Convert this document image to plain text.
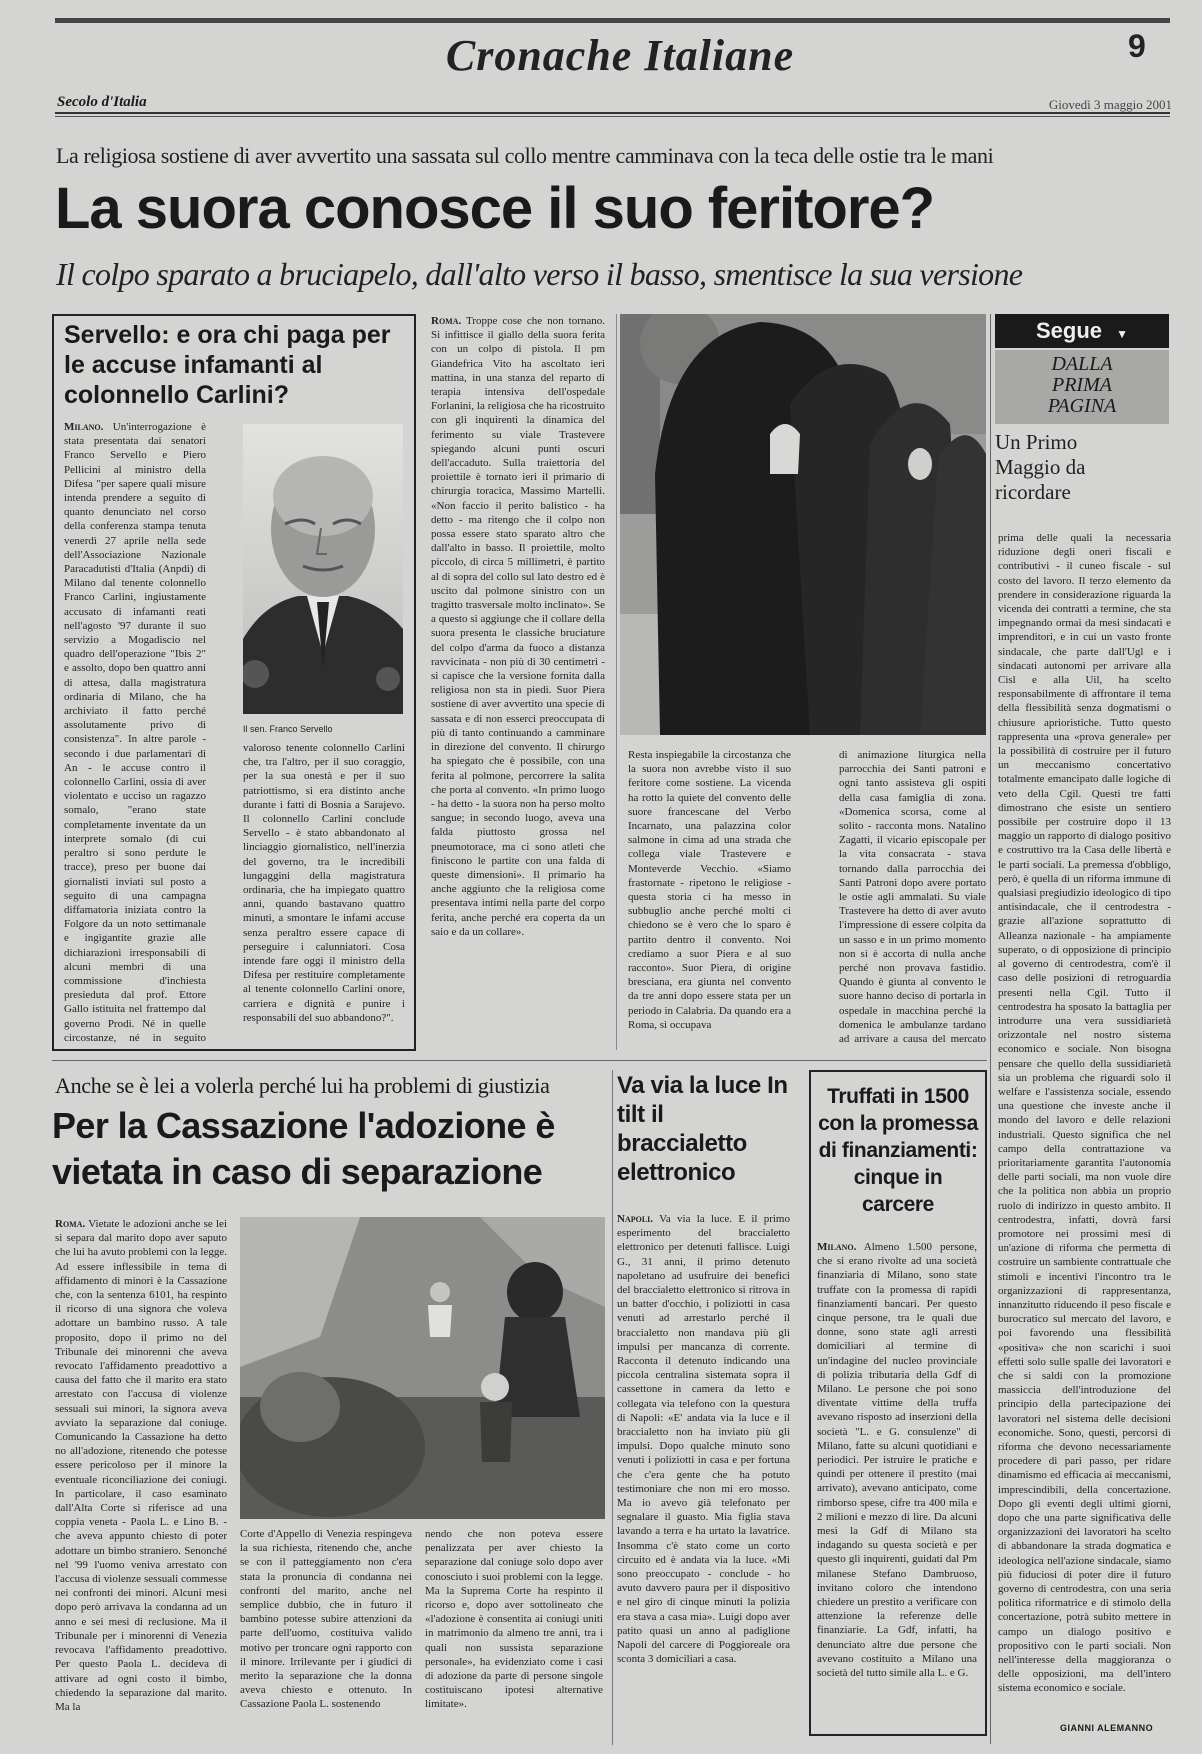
Cronache Italiane	9
Secolo d'Italia	Giovedì 3 maggio 2001
La religiosa sostiene di aver avvertito una sassata sul collo mentre camminava con la teca delle ostie tra le mani
La suora conosce il suo feritore?
Il colpo sparato a bruciapelo, dall'alto verso il basso, smentisce la sua versione
Servello: e ora chi paga per le accuse infamanti al colonnello Carlini?

Milano. Un'interrogazione è stata presentata dai senatori Franco Servello e Piero Pellicini al ministro della Difesa "per sapere quali misure intenda prendere a seguito di quanto denunciato nel corso della conferenza stampa tenuta venerdì 27 aprile nella sede dell'Associazione Nazionale Paracadutisti d'Italia (Anpdi) di Milano dal tenente colonnello Franco Carlini, ingiustamente accusato di infamanti reati nell'agosto '97 durante il suo servizio a Mogadiscio nel quadro dell'operazione "Ibis 2" e assolto, dopo ben quattro anni di attesa, dalla magistratura ordinaria di Milano, che ha archiviato il fatto perché assolutamente privo di consistenza". In altre parole - secondo i due parlamentari di An - le accuse contro il colonnello Carlini, ossia di aver violentato e ucciso un ragazzo somalo, "erano state completamente inventate da un interprete somalo (di cui peraltro si sono perdute le tracce), preso per buone dai giornalisti inviati sul posto a seguito di una campagna diffamatoria iniziata contro la Folgore da un noto settimanale e ingigantite grazie alle dichiarazioni irresponsabili di alcuni membri di una commissione d'inchiesta presieduta dal prof. Ettore Gallo istituita nel frattempo dal governo Prodi. Né in quelle circostanze, né in seguito

Il sen. Franco Servello

valoroso tenente colonnello Carlini che, tra l'altro, per il suo coraggio, per la sua onestà e per il suo patriottismo, si era distinto anche durante i fatti di Bosnia a Sarajevo. Il colonnello Carlini conclude Servello - è stato abbandonato al linciaggio giornalistico, nell'inerzia del governo, tra le incredibili lungaggini della magistratura ordinaria, che ha impiegato quattro anni, quando bastavano quattro minuti, a smontare le infami accuse senza peraltro essere capace di perseguire i calunniatori. Cosa intende fare oggi il ministro della Difesa per restituire completamente al tenente colonnello Carlini onore, carriera e dignità e punire i responsabili del suo abbandono?".

Roma. Troppe cose che non tornano. Si infittisce il giallo della suora ferita con un colpo di pistola. Il pm Giandefrica Vito ha ascoltato ieri mattina, in una stanza del reparto di terapia intensiva dell'ospedale Forlanini, la religiosa che ha ricostruito con gli inquirenti la dinamica del ferimento su viale Trastevere spiegando alcuni punti oscuri dell'accaduto. Sulla traiettoria del proiettile è tornato ieri il primario di chirurgia toracica, Massimo Martelli. «Non faccio il perito balistico - ha detto - ma ritengo che il colpo non possa essere stato sparato altro che dall'alto in basso. Il proiettile, molto piccolo, di circa 5 millimetri, è partito al di sopra del collo sul lato destro ed è uscito dal polmone sinistro con un tragitto trasversale molto inclinato». Se a questo si aggiunge che il collare della suora presenta le classiche bruciature del colpo d'arma da fuoco a distanza ravvicinata - non più di 30 centimetri - si capisce che la versione fornita dalla religiosa non sta in piedi. Suor Piera sostiene di aver avvertito una specie di sassata e di non esserci preoccupata di più di tanto continuando a camminare in direzione del convento. Il chirurgo ha spiegato che è possibile, con una ferita al polmone, percorrere la salita che porta al convento. «In primo luogo - ha detto - la suora non ha perso molto sangue; in secondo luogo, aveva una falda piuttosto grossa nel pneumotorace, ma ci sono atleti che finiscono le partite con una falda di queste dimensioni». Il primario ha anche aggiunto che la religiosa come presentava intimi nella parte del corpo ferita, anche perché era coperta da un saio e da un collare».

Resta inspiegabile la circostanza che la suora non avrebbe visto il suo feritore come sostiene. La vicenda ha rotto la quiete del convento delle suore francescane del Verbo Incarnato, una palazzina color salmone in cima ad una strada che collega viale Trastevere e Monteverde Vecchio. «Siamo frastornate - ripetono le religiose - questa storia ci ha messo in subbuglio anche perché molti ci chiedono se è vero che lo sparo è partito dentro il convento. Noi crediamo a suor Piera e al suo racconto». Suor Piera, di origine bresciana, era giunta nel convento da tre anni dopo essere stata per un periodo in Calabria. Da quando era a Roma, si occupava

di animazione liturgica nella parrocchia dei Santi patroni e ogni tanto assisteva gli ospiti della casa famiglia di zona. «Domenica scorsa, come al solito - racconta mons. Natalino Zagatti, il vicario episcopale per la vita consacrata - stava tornando dalla parrocchia dei Santi Patroni dopo avere portato le ostie agli ammalati. Su viale Trastevere ha detto di aver avuto l'impressione di essere colpita da un sasso e in un primo momento non si è accorta di nulla anche perché non provava fastidio. Quando è giunta al convento le suore hanno deciso di portarla in ospedale in macchina perché la domenica le ambulanze tardano ad arrivare a causa del mercato

Segue ▼
DALLA PRIMA PAGINA
Un Primo Maggio da ricordare

prima delle quali la necessaria riduzione degli oneri fiscali e contributivi - il cuneo fiscale - sul costo del lavoro. Il terzo elemento da prendere in considerazione riguarda la vicenda dei contratti a termine, che sta impegnando ormai da mesi sindacati e imprenditori, e in cui un vasto fronte sindacale, che parte dall'Ugl e i sindacati autonomi per arrivare alla Cisl e alla Uil, ha scelto responsabilmente di affrontare il tema della flessibilità senza dogmatismi o chiusure aprioristiche. Tutto questo rappresenta una «prova generale» per la possibilità di costruire per il futuro un meccanismo concertativo totalmente emancipato dalle logiche di veto della Cgil. Questi tre fatti dimostrano che esiste un sentiero possibile per costruire dopo il 13 maggio un rapporto di dialogo positivo e costruttivo tra la Casa delle libertà e le parti sociali. La premessa d'obbligo, però, è quella di un riforma immune di qualsiasi pregiudizio ideologico di tipo antisindacale, che il centrodestra - grazie all'azione soprattutto di Alleanza nazionale - ha ampiamente superato, o di opposizione di principio al governo di centrodestra, com'è il caso delle posizioni di retroguardia presenti nella Cgil. Tutto il centrodestra ha sposato la battaglia per introdurre una vera sussidiarietà orizzontale nel nostro sistema economico e sociale. Non bisogna pensare che quello della sussidiarietà sia un problema che riguardi solo il welfare e l'assistenza sociale, essendo una questione che investe anche il mondo del lavoro e delle relazioni industriali. Questo significa che nel campo della contrattazione va prioritariamente garantita l'autonomia delle parti sociali, ma non vuole dire che la politica non abbia un proprio ruolo di indirizzo in questo ambito. Il centrodestra, infatti, dovrà farsi promotore nei prossimi mesi di un'azione di riforma che permetta di costruire un sambiente contrattuale che stimoli e incentivi l'incontro tra le organizzazioni di rappresentanza, innanzitutto riducendo il peso fiscale e burocratico sul mercato del lavoro, e poi favorendo una flessibilità «positiva» che non scarichi i suoi effetti solo sulle spalle dei lavoratori e che si saldi con la promozione massiccia dell'introduzione del principio della partecipazione dei lavoratori nel sistema delle decisioni economiche. Sono, questi, percorsi di riforma che devono necessariamente procedere di pari passo, per ridare dinamismo ed efficacia ai meccanismi, imprescindibili, della concertazione. Dopo gli eventi degli ultimi giorni, dopo che una parte significativa delle organizzazioni dei lavoratori ha scelto di abbandonare la strada dogmatica e ideologica nell'azione sindacale, siamo più fiduciosi di poter dire il futuro governo di centrodestra, con una seria politica riformatrice e di stimolo della concertazione, potrà subito mettere in campo un dialogo positivo e propositivo con le parti sociali. Non nell'interesse della maggioranza o delle opposizioni, ma dell'intero sistema economico e sociale.

GIANNI ALEMANNO
Anche se è lei a volerla perché lui ha problemi di giustizia
Per la Cassazione l'adozione è vietata in caso di separazione

Roma. Vietate le adozioni anche se lei si separa dal marito dopo aver saputo che lui ha avuto problemi con la legge. Ad essere inflessibile in tema di affidamento di minori è la Cassazione che, con la sentenza 6101, ha respinto il ricorso di una signora che voleva adottare un bambino russo. A tale proposito, dopo il primo no del Tribunale dei minorenni che aveva revocato l'affidamento preadottivo a causa del fatto che il marito era stato arrestato con l'accusa di violenze sessuali sui minori, la signora aveva avviato la separazione dal coniuge. Comunicando la Cassazione ha detto no all'adozione, ritenendo che potesse essere pericoloso per il minore la eventuale riconciliazione dei coniugi. In particolare, il caso esaminato dall'Alta Corte si riferisce ad una coppia veneta - Paola L. e Lino B. - che aveva appunto chiesto di poter adottare un bimbo straniero. Senonché nel '99 l'uomo veniva arrestato con l'accusa di violenze sessuali commesse nei confronti dei minori. Alcuni mesi dopo però arrivava la condanna ad un anno e sei mesi di reclusione. Ma il Tribunale per i minorenni di Venezia revocava l'affidamento preadottivo. Per questo Paola L. decideva di attivare ad ogni costo il bimbo, chiedendo la separazione dal marito. Ma la

Corte d'Appello di Venezia respingeva la sua richiesta, ritenendo che, anche se con il patteggiamento non c'era stata la pronuncia di condanna nei confronti del marito, anche nel semplice dubbio, che in futuro il bambino potesse subire attenzioni da parte dell'uomo, costituiva valido motivo per troncare ogni rapporto con il minore. Irrilevante per i giudici di merito la separazione che la donna aveva chiesto e ottenuto. In Cassazione Paola L. sostenendo

nendo che non poteva essere penalizzata per aver chiesto la separazione dal coniuge solo dopo aver conosciuto i suoi problemi con la legge. Ma la Suprema Corte ha respinto il ricorso e, dopo aver sottolineato che «l'adozione è consentita ai coniugi uniti in matrimonio da almeno tre anni, tra i quali non sussista separazione personale», ha evidenziato come i casi di adozione da parte di persone singole costituiscano ipotesi alternative limitate».

Va via la luce In tilt il braccialetto elettronico

Napoli. Va via la luce. E il primo esperimento del braccialetto elettronico per detenuti fallisce. Luigi G., 31 anni, il primo detenuto napoletano ad usufruire dei benefici del braccialetto elettronico si ritrova in un batter d'occhio, i poliziotti in casa venuti ad arrestarlo perché il braccialetto non mandava più gli impulsi per mancanza di corrente. Racconta il detenuto indicando una piccola centralina sistemata sopra il cassettone in camera da letto e collegata via telefono con la questura di Napoli: «E' andata via la luce e il braccialetto non ha inviato più gli impulsi. Dopo qualche minuto sono venuti i poliziotti in casa e per fortuna che c'era gente che ha potuto testimoniare che non mi ero mosso. Ma io avevo già telefonato per segnalare il guasto. Mia figlia stava lavando a terra e ha urtato la lavatrice. Insomma c'è stato come un corto circuito ed è andata via la luce. «Mi sono preoccupato - conclude - ho avuto davvero paura per il dispositivo e nel giro di cinque minuti la polizia era stava a casa mia». Luigi dopo aver patito quasi un anno al padiglione Napoli del carcere di Poggioreale ora sconta 3 domiciliari a casa.

Truffati in 1500 con la promessa di finanziamenti: cinque in carcere

Milano. Almeno 1.500 persone, che si erano rivolte ad una società finanziaria di Milano, sono state truffate con la promessa di rapidi finanziamenti bancari. Per questo cinque persone, tra le quali due donne, sono state agli arresti domiciliari al termine di un'indagine del nucleo provinciale di polizia tributaria della Gdf di Milano. Le persone che poi sono diventate vittime della truffa avevano risposto ad inserzioni della società "L. e G. consulenze" di Milano, fatte su alcuni quotidiani e periodici. Per istruire le pratiche e quindi per ottenere il prestito (mai arrivato), avevano anticipato, come rimborso spese, cifre tra 400 mila e 2 milioni e mezzo di lire. Da alcuni mesi la Gdf di Milano sta indagando su questa società e per questo gli inquirenti, guidati dal Pm milanese Stefano Dambruoso, invitano coloro che intendono chiedere un prestito a verificare con attenzione la referenze delle finanziarie. La Gdf, infatti, ha denunciato altre due persone che avevano costituito a Milano una società del tutto simile alla L. e G.
